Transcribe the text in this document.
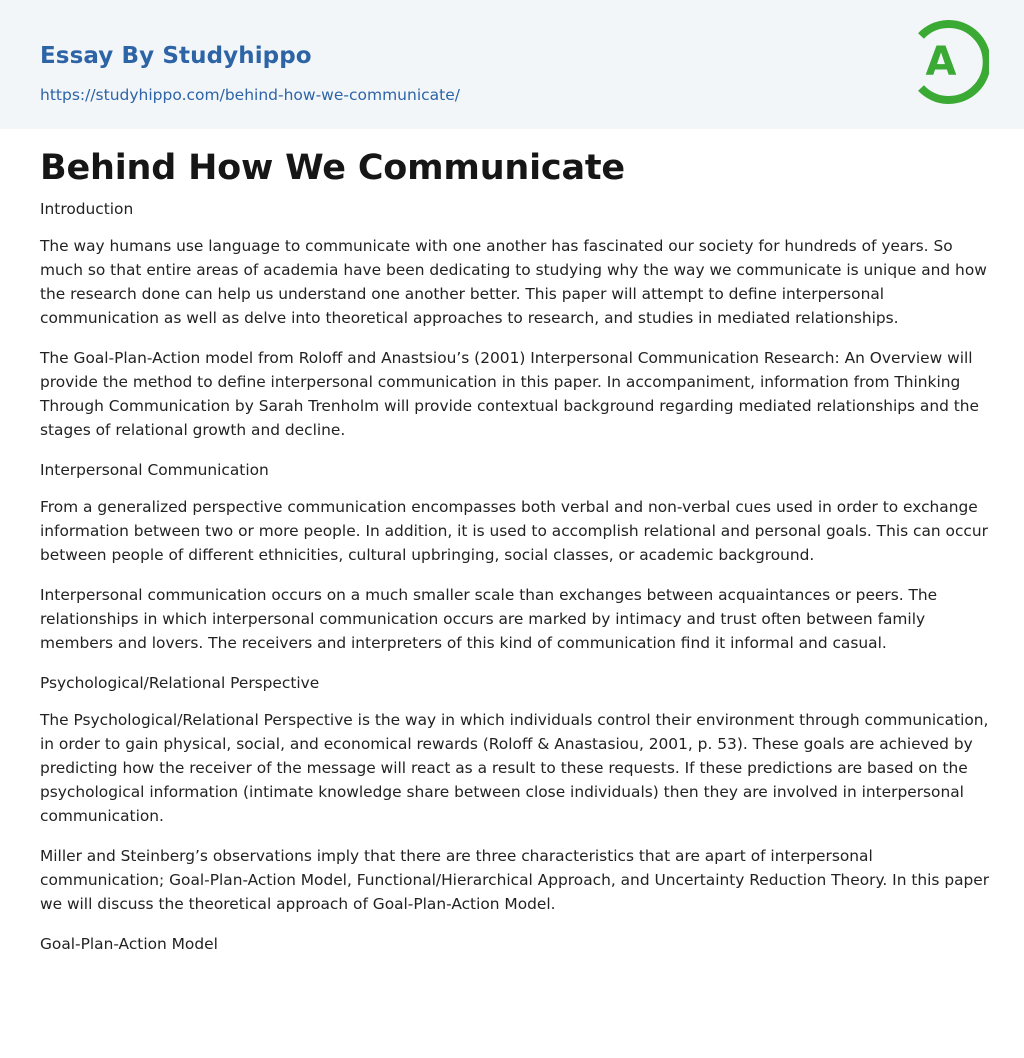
Essay By Studyhippo
https://studyhippo.com/behind-how-we-communicate/
A
Behind How We Communicate

Introduction

The way humans use language to communicate with one another has fascinated our society for hundreds of years. So much so that entire areas of academia have been dedicating to studying why the way we communicate is unique and how the research done can help us understand one another better. This paper will attempt to define interpersonal communication as well as delve into theoretical approaches to research, and studies in mediated relationships.

The Goal-Plan-Action model from Roloff and Anastsiou’s (2001) Interpersonal Communication Research: An Overview will provide the method to define interpersonal communication in this paper. In accompaniment, information from Thinking Through Communication by Sarah Trenholm will provide contextual background regarding mediated relationships and the stages of relational growth and decline.

Interpersonal Communication

From a generalized perspective communication encompasses both verbal and non-verbal cues used in order to exchange information between two or more people. In addition, it is used to accomplish relational and personal goals. This can occur between people of different ethnicities, cultural upbringing, social classes, or academic background.

Interpersonal communication occurs on a much smaller scale than exchanges between acquaintances or peers. The relationships in which interpersonal communication occurs are marked by intimacy and trust often between family members and lovers. The receivers and interpreters of this kind of communication find it informal and casual.

Psychological/Relational Perspective

The Psychological/Relational Perspective is the way in which individuals control their environment through communication, in order to gain physical, social, and economical rewards (Roloff & Anastasiou, 2001, p. 53). These goals are achieved by predicting how the receiver of the message will react as a result to these requests. If these predictions are based on the psychological information (intimate knowledge share between close individuals) then they are involved in interpersonal communication.

Miller and Steinberg’s observations imply that there are three characteristics that are apart of interpersonal communication; Goal-Plan-Action Model, Functional/Hierarchical Approach, and Uncertainty Reduction Theory. In this paper we will discuss the theoretical approach of Goal-Plan-Action Model.

Goal-Plan-Action Model
